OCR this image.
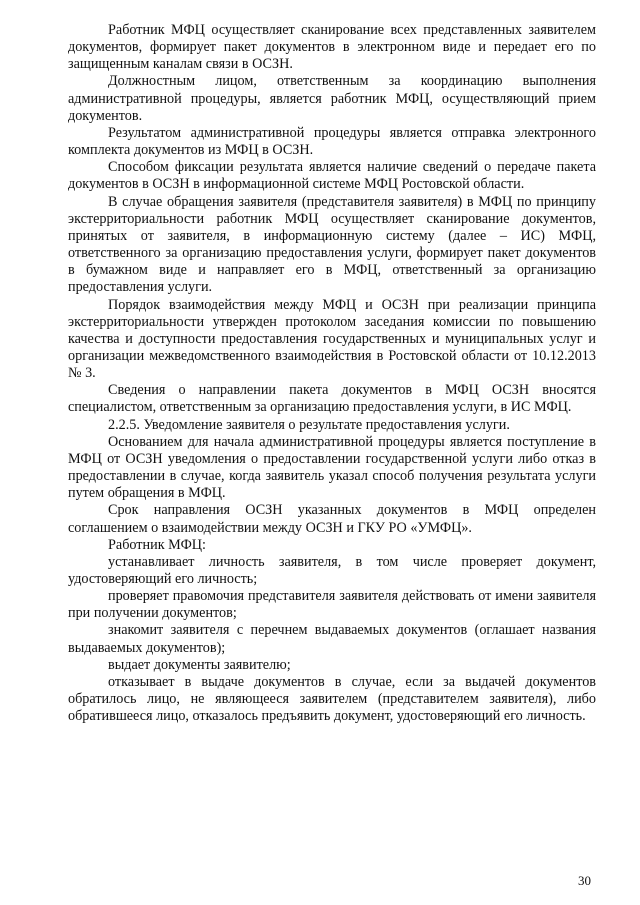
Работник МФЦ осуществляет сканирование всех представленных заявителем документов, формирует пакет документов в электронном виде и передает его по защищенным каналам связи в ОСЗН.

Должностным лицом, ответственным за координацию выполнения административной процедуры, является работник МФЦ, осуществляющий прием документов.

Результатом административной процедуры является отправка электронного комплекта документов из МФЦ в ОСЗН.

Способом фиксации результата является наличие сведений о передаче пакета документов в ОСЗН в информационной системе МФЦ Ростовской области.

В случае обращения заявителя (представителя заявителя) в МФЦ по принципу экстерриториальности работник МФЦ осуществляет сканирование документов, принятых от заявителя, в информационную систему (далее – ИС) МФЦ, ответственного за организацию предоставления услуги, формирует пакет документов в бумажном виде и направляет его в МФЦ, ответственный за организацию предоставления услуги.

Порядок взаимодействия между МФЦ и ОСЗН при реализации принципа экстерриториальности утвержден протоколом заседания комиссии по повышению качества и доступности предоставления государственных и муниципальных услуг и организации межведомственного взаимодействия в Ростовской области от 10.12.2013 № 3.

Сведения о направлении пакета документов в МФЦ ОСЗН вносятся специалистом, ответственным за организацию предоставления услуги, в ИС МФЦ.

2.2.5. Уведомление заявителя о результате предоставления услуги.

Основанием для начала административной процедуры является поступление в МФЦ от ОСЗН уведомления о предоставлении государственной услуги либо отказ в предоставлении в случае, когда заявитель указал способ получения результата услуги путем обращения в МФЦ.

Срок направления ОСЗН указанных документов в МФЦ определен соглашением о взаимодействии между ОСЗН и ГКУ РО «УМФЦ».

Работник МФЦ:

устанавливает личность заявителя, в том числе проверяет документ, удостоверяющий его личность;

проверяет правомочия представителя заявителя действовать от имени заявителя при получении документов;

знакомит заявителя с перечнем выдаваемых документов (оглашает названия выдаваемых документов);

выдает документы заявителю;

отказывает в выдаче документов в случае, если за выдачей документов обратилось лицо, не являющееся заявителем (представителем заявителя), либо обратившееся лицо, отказалось предъявить документ, удостоверяющий его личность.

30
